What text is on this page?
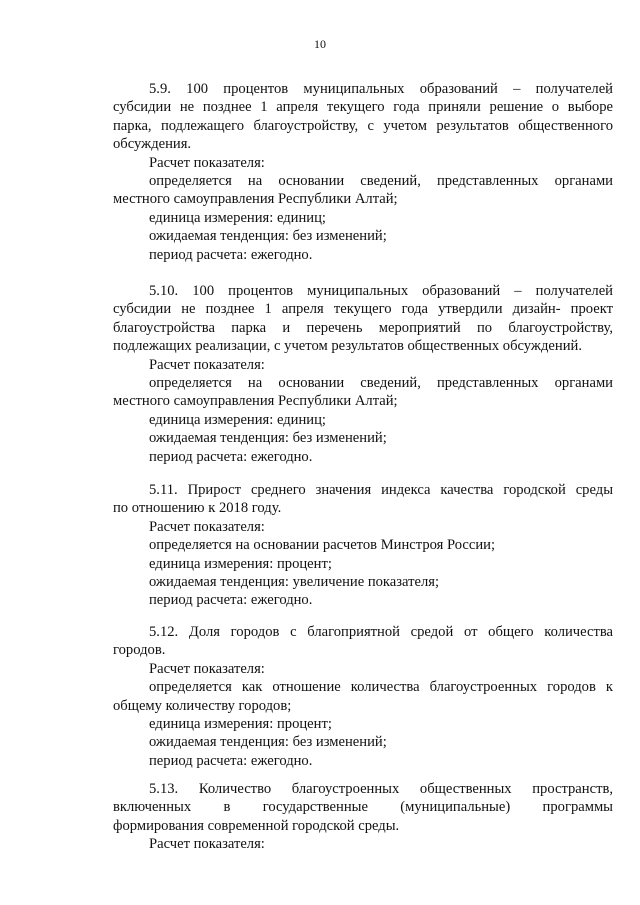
10
5.9. 100 процентов муниципальных образований – получателей
субсидии не позднее 1 апреля текущего года приняли решение о выборе
парка, подлежащего благоустройству, с учетом результатов общественного
обсуждения.
Расчет показателя:
определяется на основании сведений, представленных органами
местного самоуправления Республики Алтай;
единица измерения: единиц;
ожидаемая тенденция: без изменений;
период расчета: ежегодно.
5.10. 100 процентов муниципальных образований – получателей
субсидии не позднее 1 апреля текущего года утвердили дизайн- проект
благоустройства парка и перечень мероприятий по благоустройству,
подлежащих реализации, с учетом результатов общественных обсуждений.
Расчет показателя:
определяется на основании сведений, представленных органами
местного самоуправления Республики Алтай;
единица измерения: единиц;
ожидаемая тенденция: без изменений;
период расчета: ежегодно.
5.11. Прирост среднего значения индекса качества городской среды
по отношению к 2018 году.
Расчет показателя:
определяется на основании расчетов Минстроя России;
единица измерения: процент;
ожидаемая тенденция: увеличение показателя;
период расчета: ежегодно.
5.12. Доля городов с благоприятной средой от общего количества
городов.
Расчет показателя:
определяется как отношение количества благоустроенных городов к
общему количеству городов;
единица измерения: процент;
ожидаемая тенденция: без изменений;
период расчета: ежегодно.
5.13. Количество благоустроенных общественных пространств,
включенных в государственные (муниципальные) программы
формирования современной городской среды.
Расчет показателя:
